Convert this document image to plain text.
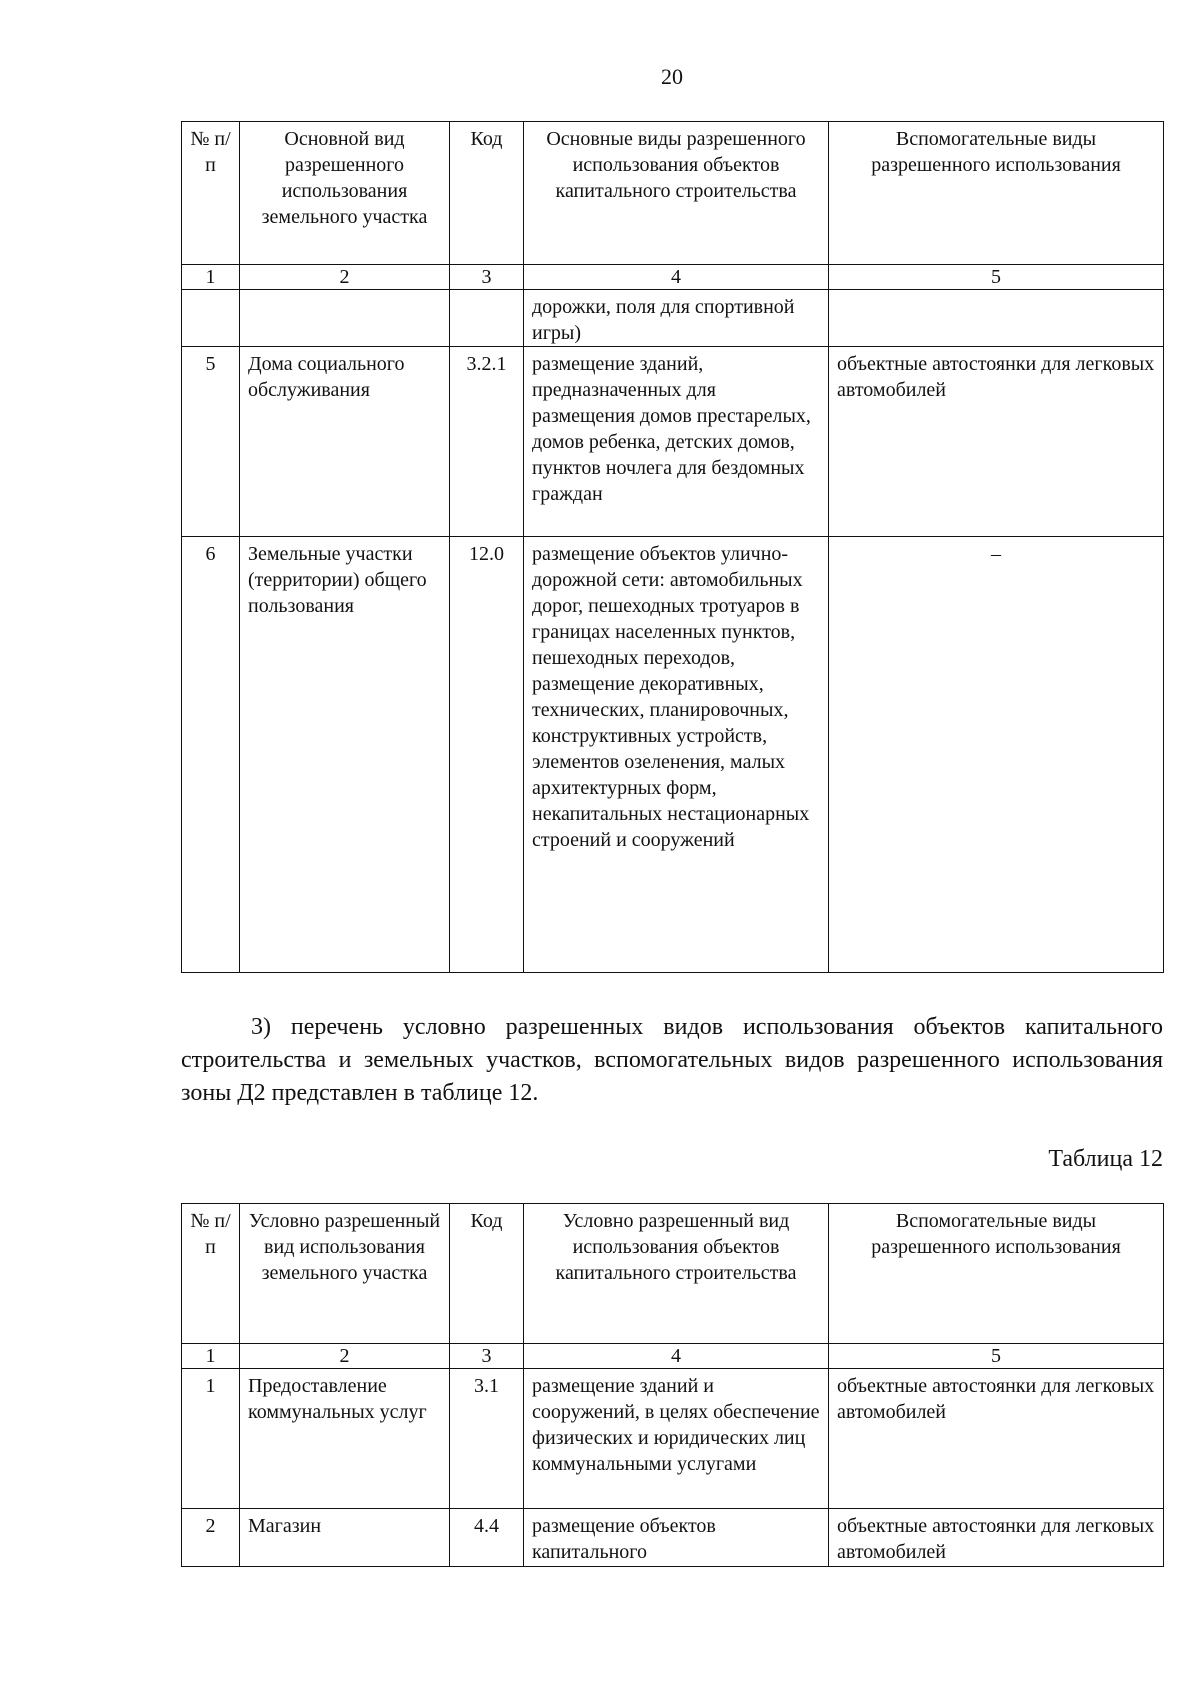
20
№ п/п	Основной вид разрешенного использования земельного участка	Код	Основные виды разрешенного использования объектов капитального строительства	Вспомогательные виды разрешенного использования
1	2	3	4	5
			дорожки, поля для спортивной игры)	
5	Дома социального обслуживания	3.2.1	размещение зданий, предназначенных для размещения домов престарелых, домов ребенка, детских домов, пунктов ночлега для бездомных граждан	объектные автостоянки для легковых автомобилей
6	Земельные участки (территории) общего пользования	12.0	размещение объектов улично-дорожной сети: автомобильных дорог, пешеходных тротуаров в границах населенных пунктов, пешеходных переходов, размещение декоративных, технических, планировочных, конструктивных устройств, элементов озеленения, малых архитектурных форм, некапитальных нестационарных строений и сооружений	–
3) перечень условно разрешенных видов использования объектов капитального строительства и земельных участков, вспомогательных видов разрешенного использования зоны Д2 представлен в таблице 12.
Таблица 12
№ п/п	Условно разрешенный вид использования земельного участка	Код	Условно разрешенный вид использования объектов капитального строительства	Вспомогательные виды разрешенного использования
1	2	3	4	5
1	Предоставление коммунальных услуг	3.1	размещение зданий и сооружений, в целях обеспечение физических и юридических лиц коммунальными услугами	объектные автостоянки для легковых автомобилей
2	Магазин	4.4	размещение объектов капитального	объектные автостоянки для легковых автомобилей
